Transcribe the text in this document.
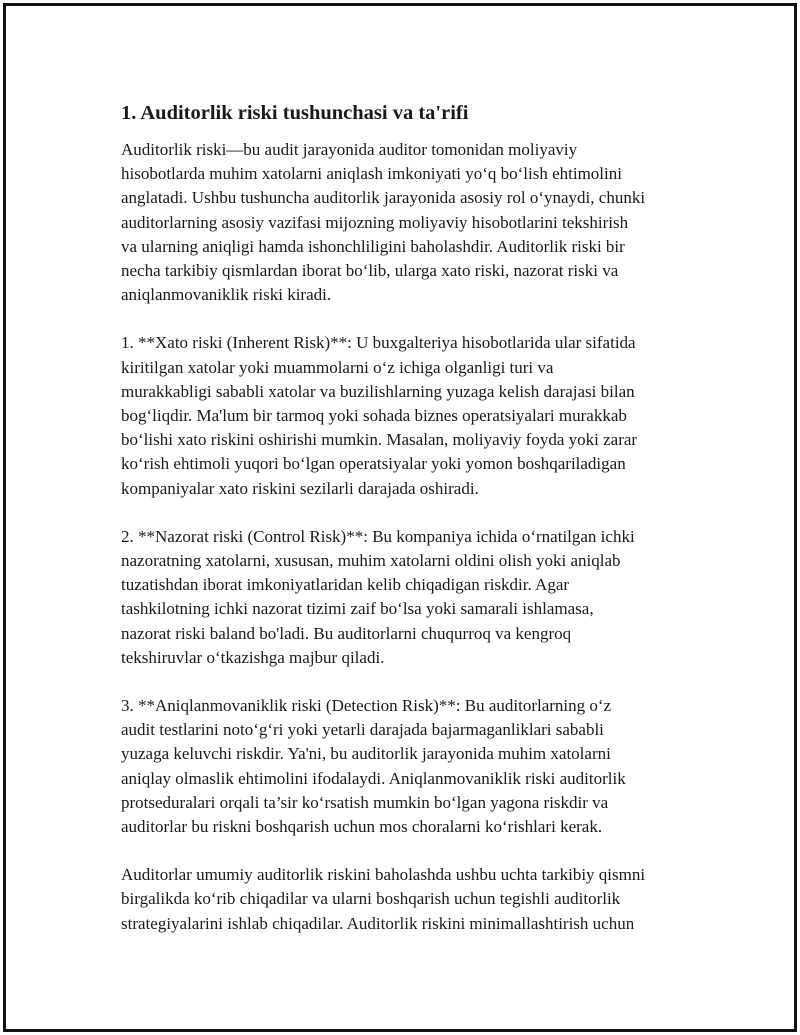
1. Auditorlik riski tushunchasi va ta'rifi

Auditorlik riski—bu audit jarayonida auditor tomonidan moliyaviy
hisobotlarda muhim xatolarni aniqlash imkoniyati yo‘q bo‘lish ehtimolini
anglatadi. Ushbu tushuncha auditorlik jarayonida asosiy rol o‘ynaydi, chunki
auditorlarning asosiy vazifasi mijozning moliyaviy hisobotlarini tekshirish
va ularning aniqligi hamda ishonchliligini baholashdir. Auditorlik riski bir
necha tarkibiy qismlardan iborat bo‘lib, ularga xato riski, nazorat riski va
aniqlanmovaniklik riski kiradi.

1. **Xato riski (Inherent Risk)**: U buxgalteriya hisobotlarida ular sifatida
kiritilgan xatolar yoki muammolarni o‘z ichiga olganligi turi va
murakkabligi sababli xatolar va buzilishlarning yuzaga kelish darajasi bilan
bog‘liqdir. Ma'lum bir tarmoq yoki sohada biznes operatsiyalari murakkab
bo‘lishi xato riskini oshirishi mumkin. Masalan, moliyaviy foyda yoki zarar
ko‘rish ehtimoli yuqori bo‘lgan operatsiyalar yoki yomon boshqariladigan
kompaniyalar xato riskini sezilarli darajada oshiradi.

2. **Nazorat riski (Control Risk)**: Bu kompaniya ichida o‘rnatilgan ichki
nazoratning xatolarni, xususan, muhim xatolarni oldini olish yoki aniqlab
tuzatishdan iborat imkoniyatlaridan kelib chiqadigan riskdir. Agar
tashkilotning ichki nazorat tizimi zaif bo‘lsa yoki samarali ishlamasa,
nazorat riski baland bo'ladi. Bu auditorlarni chuqurroq va kengroq
tekshiruvlar o‘tkazishga majbur qiladi.

3. **Aniqlanmovaniklik riski (Detection Risk)**: Bu auditorlarning o‘z
audit testlarini noto‘g‘ri yoki yetarli darajada bajarmaganliklari sababli
yuzaga keluvchi riskdir. Ya'ni, bu auditorlik jarayonida muhim xatolarni
aniqlay olmaslik ehtimolini ifodalaydi. Aniqlanmovaniklik riski auditorlik
protseduralari orqali ta’sir ko‘rsatish mumkin bo‘lgan yagona riskdir va
auditorlar bu riskni boshqarish uchun mos choralarni ko‘rishlari kerak.

Auditorlar umumiy auditorlik riskini baholashda ushbu uchta tarkibiy qismni
birgalikda ko‘rib chiqadilar va ularni boshqarish uchun tegishli auditorlik
strategiyalarini ishlab chiqadilar. Auditorlik riskini minimallashtirish uchun
